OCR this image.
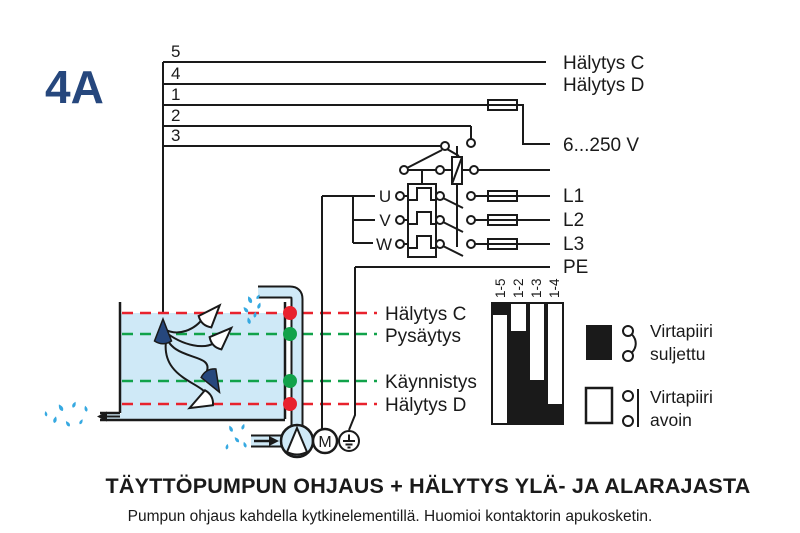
4A
5
4
1
2
3
U
V
W
Hälytys C
Hälytys D
6...250 V
L1
L2
L3
PE
M
Hälytys C
Pysäytys
Käynnistys
Hälytys D
1-5 1-2 1-3 1-4
Virtapiiri
suljettu
Virtapiiri
avoin
TÄYTTÖPUMPUN OHJAUS + HÄLYTYS YLÄ- JA ALARAJASTA
Pumpun ohjaus kahdella kytkinelementillä. Huomioi kontaktorin apukosketin.
